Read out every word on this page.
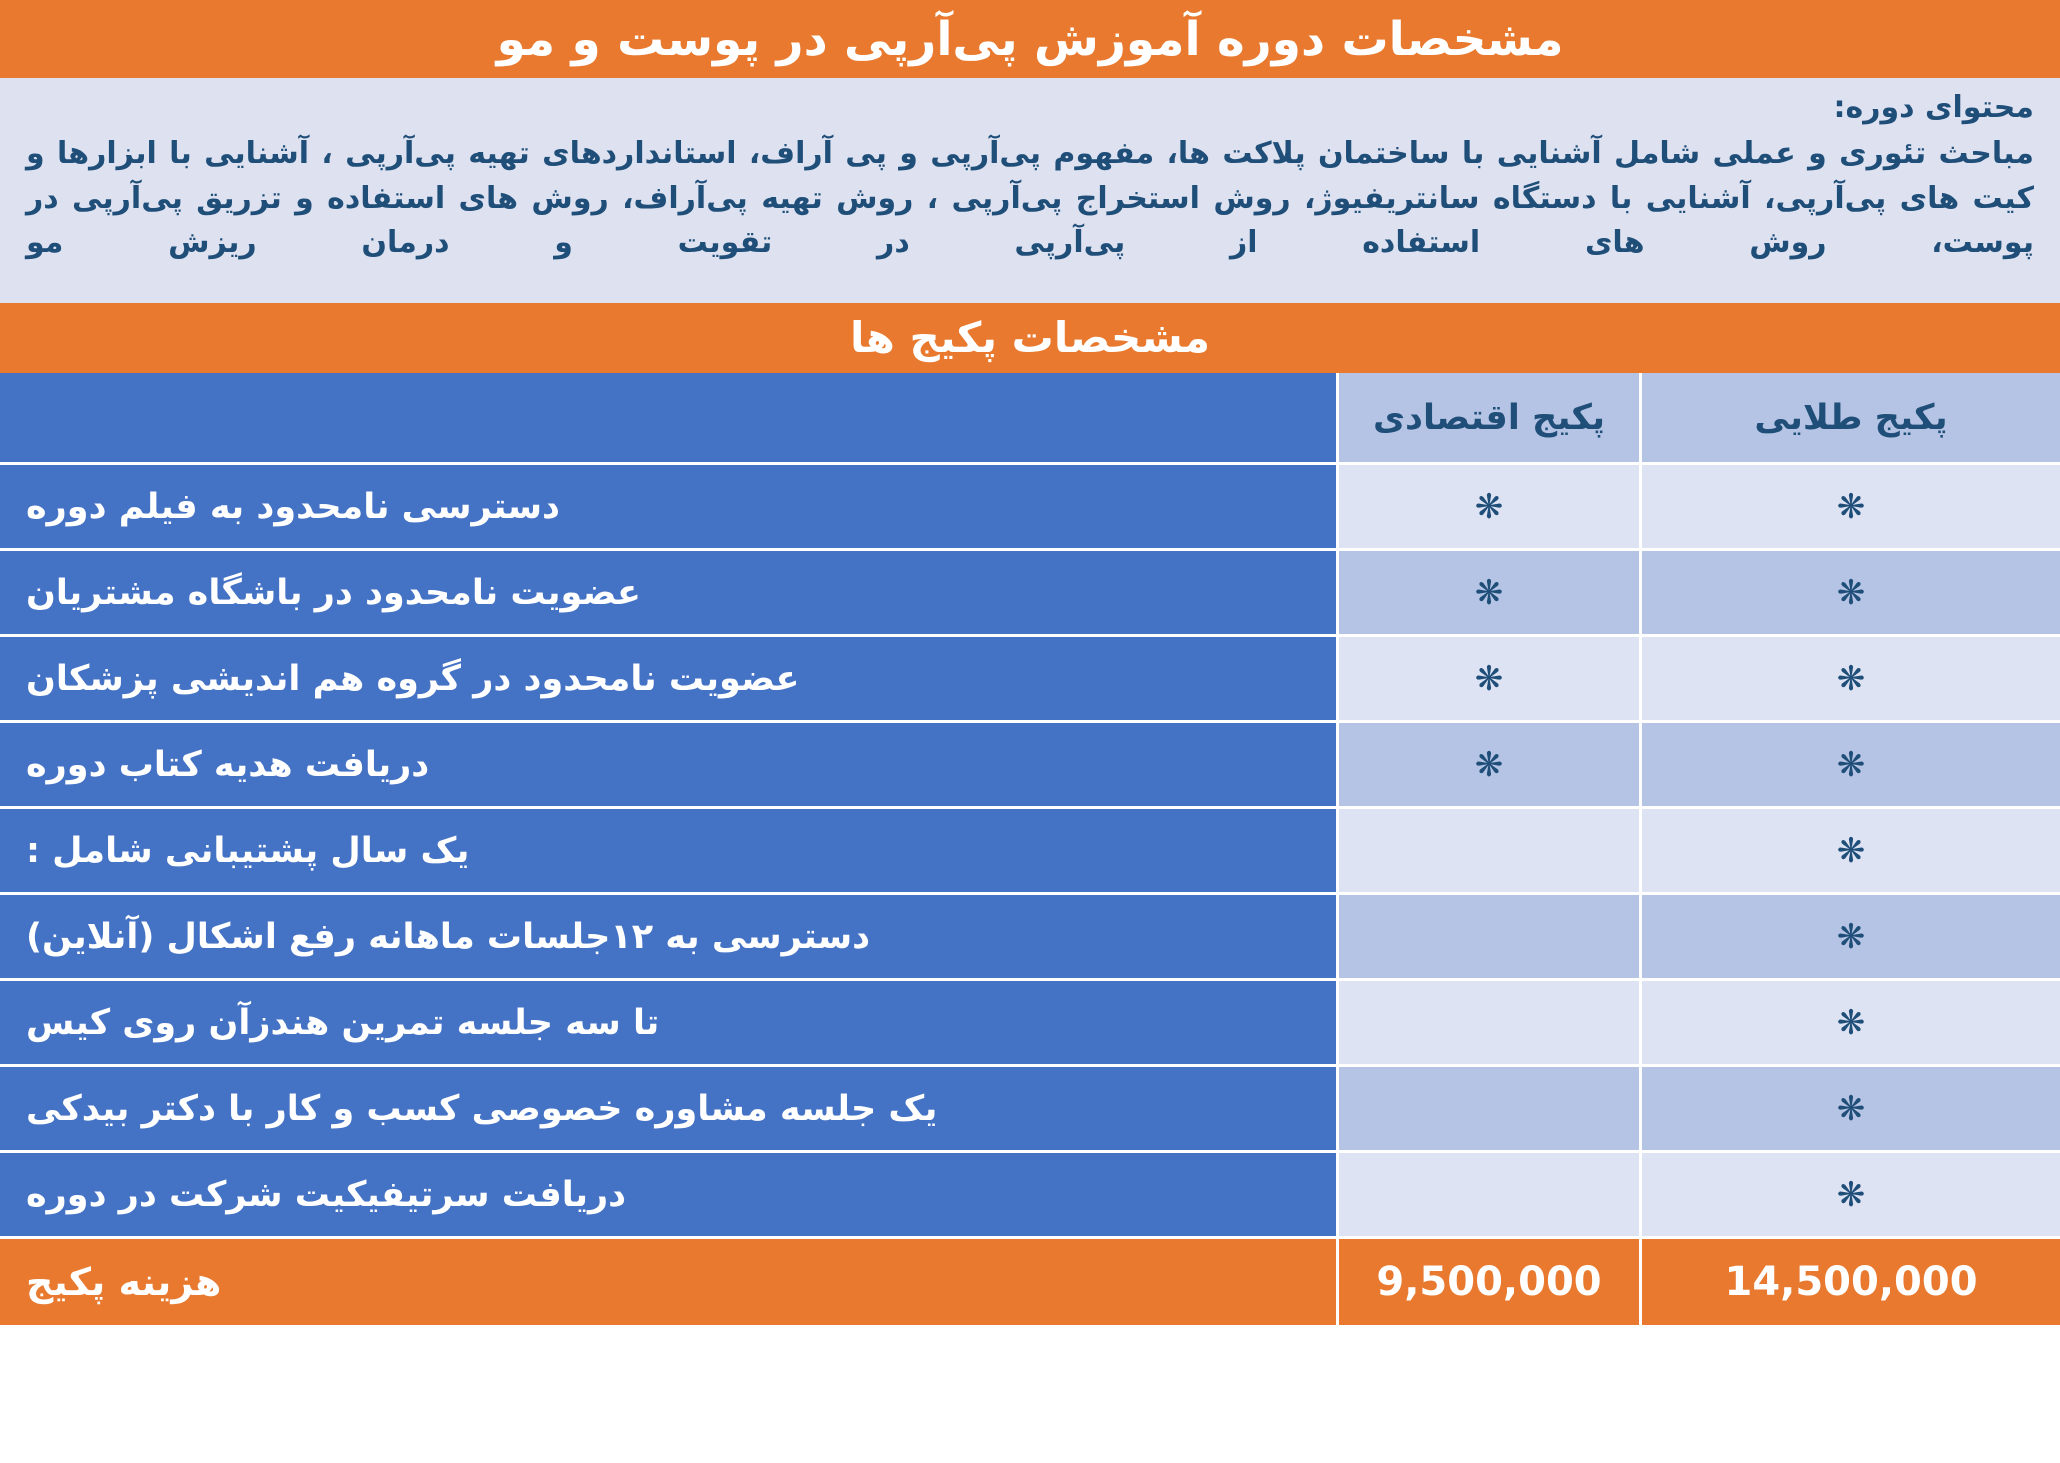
مشخصات دوره آموزش پی‌آرپی در پوست و مو
محتوای دوره:
مباحث تئوری و عملی شامل آشنایی با ساختمان پلاکت ها، مفهوم پی‌آرپی و پی آراف، استانداردهای تهیه پی‌آرپی ، آشنایی با ابزارها و کیت های پی‌آرپی، آشنایی با دستگاه سانتریفیوژ، روش استخراج پی‌آرپی ، روش تهیه پی‌آراف، روش های استفاده و تزریق پی‌آرپی در پوست، روش های استفاده از پی‌آرپی در تقویت و درمان ریزش مو
مشخصات پکیج ها
پکیج طلایی
پکیج اقتصادی
❋
❋
دسترسی نامحدود به فیلم دوره
❋
❋
عضویت نامحدود در باشگاه مشتریان
❋
❋
عضویت نامحدود در گروه هم اندیشی پزشکان
❋
❋
دریافت هدیه کتاب دوره
❋
یک سال پشتیبانی شامل :
❋
دسترسی به ۱۲جلسات ماهانه رفع اشکال (آنلاین)
❋
تا سه جلسه تمرین هندزآن روی کیس
❋
یک جلسه مشاوره خصوصی کسب و کار با دکتر بیدکی
❋
دریافت سرتیفیکیت شرکت در دوره
14,500,000
9,500,000
هزینه پکیج
